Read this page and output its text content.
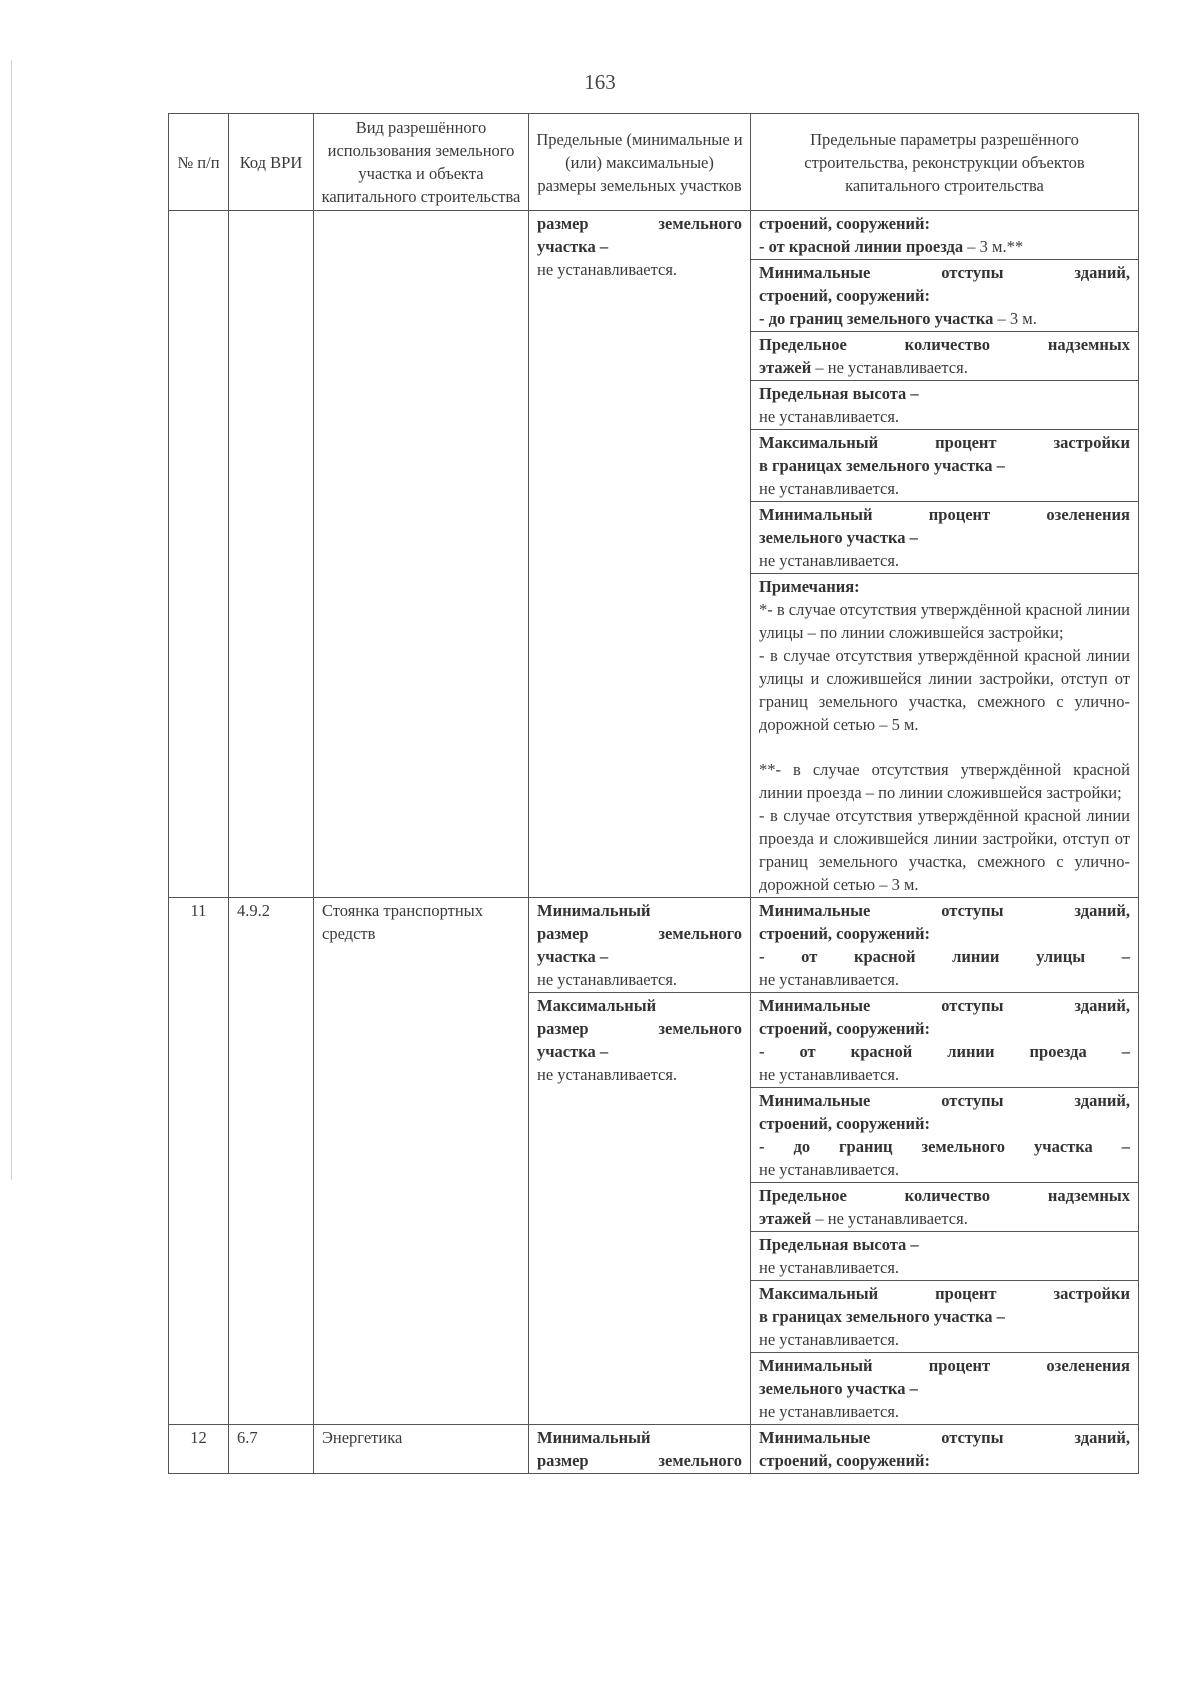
163
№ п/п	Код ВРИ	Вид разрешённого использования земельного участка и объекта капитального строительства	Предельные (минимальные и (или) максимальные) размеры земельных участков	Предельные параметры разрешённого строительства, реконструкции объектов капитального строительства

			размер земельного
участка –
не устанавливается.	строений, сооружений:
- от красной линии проезда – 3 м.**

				Минимальные отступы зданий,
строений, сооружений:
- до границ земельного участка – 3 м.

				Предельное количество надземных
этажей – не устанавливается.

				Предельная высота –
не устанавливается.

				Максимальный процент застройки
в границах земельного участка –
не устанавливается.

				Минимальный процент озеленения
земельного участка –
не устанавливается.

				Примечания:
*- в случае отсутствия утверждённой красной линии улицы – по линии сложившейся застройки;
- в случае отсутствия утверждённой красной линии улицы и сложившейся линии застройки, отступ от границ земельного участка, смежного с улично-дорожной сетью – 5 м.
**- в случае отсутствия утверждённой красной линии проезда – по линии сложившейся застройки;
- в случае отсутствия утверждённой красной линии проезда и сложившейся линии застройки, отступ от границ земельного участка, смежного с улично-дорожной сетью – 3 м.

11	4.9.2	Стоянка транспортных средств	Минимальный
размер земельного
участка –
не устанавливается.	Минимальные отступы зданий,
строений, сооружений:
- от красной линии улицы –
не устанавливается.

			Максимальный
размер земельного
участка –
не устанавливается.	Минимальные отступы зданий,
строений, сооружений:
- от красной линии проезда –
не устанавливается.

				Минимальные отступы зданий,
строений, сооружений:
- до границ земельного участка –
не устанавливается.

				Предельное количество надземных
этажей – не устанавливается.

				Предельная высота –
не устанавливается.

				Максимальный процент застройки
в границах земельного участка –
не устанавливается.

				Минимальный процент озеленения
земельного участка –
не устанавливается.

12	6.7	Энергетика	Минимальный
размер земельного	Минимальные отступы зданий,
строений, сооружений:
